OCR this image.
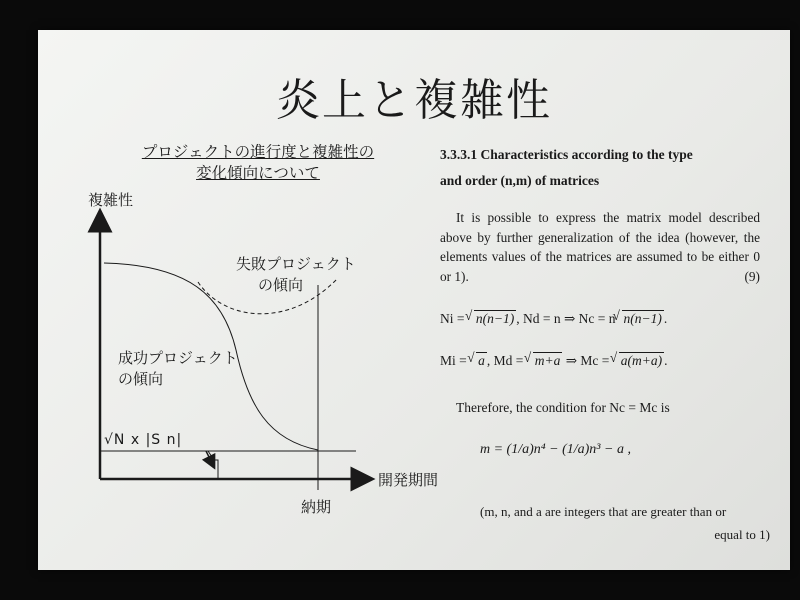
炎上と複雑性
プロジェクトの進行度と複雑性の
変化傾向について
複雑性
開発期間
納期
失敗プロジェクト
の傾向
成功プロジェクト
の傾向
√N x |S n|
3.3.3.1 Characteristics according to the type
and order (n,m) of matrices
It is possible to express the matrix model described above by further generalization of the idea (however, the elements values of the matrices are assumed to be either 0 or 1).	(9)
Ni = √ n(n−1) , Nd = n ⇒ Nc = n√ n(n−1) .
Mi = √ a , Md = √ m+a ⇒ Mc = √ a(m+a) .
Therefore, the condition for Nc = Mc is
m = (1/a)n⁴ − (1/a)n³ − a ,
(m, n, and a are integers that are greater than or
equal to 1)
